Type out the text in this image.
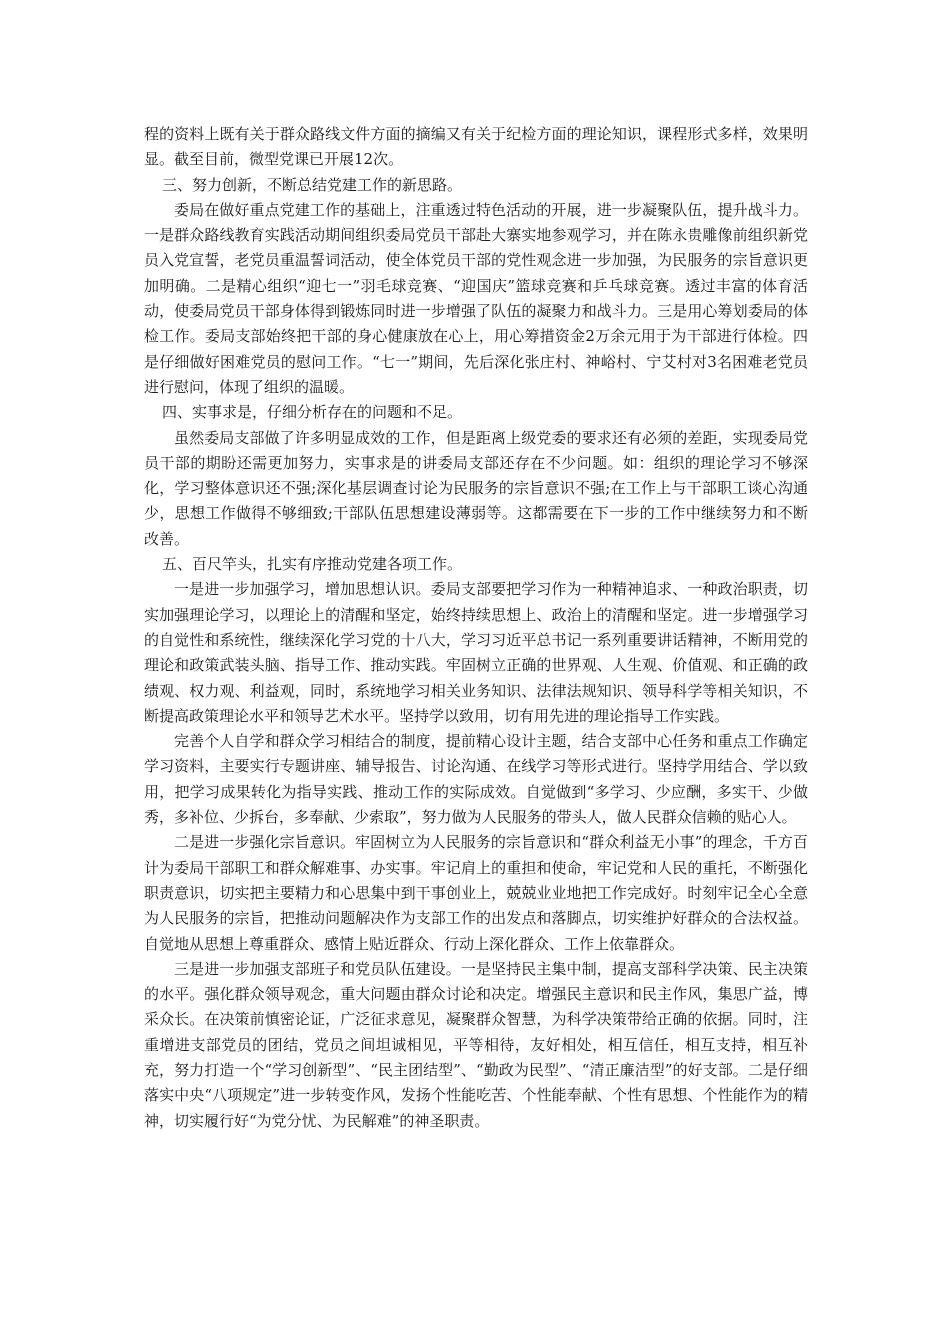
程的资料上既有关于群众路线文件方面的摘编又有关于纪检方面的理论知识，课程形式多样，效果明显。截至目前，微型党课已开展12次。

三、努力创新，不断总结党建工作的新思路。

委局在做好重点党建工作的基础上，注重透过特色活动的开展，进一步凝聚队伍，提升战斗力。一是群众路线教育实践活动期间组织委局党员干部赴大寨实地参观学习，并在陈永贵雕像前组织新党员入党宣誓，老党员重温誓词活动，使全体党员干部的党性观念进一步加强，为民服务的宗旨意识更加明确。二是精心组织“迎七一”羽毛球竞赛、“迎国庆”篮球竞赛和乒乓球竞赛。透过丰富的体育活动，使委局党员干部身体得到锻炼同时进一步增强了队伍的凝聚力和战斗力。三是用心筹划委局的体检工作。委局支部始终把干部的身心健康放在心上，用心筹措资金2万余元用于为干部进行体检。四是仔细做好困难党员的慰问工作。“七一”期间，先后深化张庄村、神峪村、宁艾村对3名困难老党员进行慰问，体现了组织的温暖。

四、实事求是，仔细分析存在的问题和不足。

虽然委局支部做了许多明显成效的工作，但是距离上级党委的要求还有必须的差距，实现委局党员干部的期盼还需更加努力，实事求是的讲委局支部还存在不少问题。如：组织的理论学习不够深化，学习整体意识还不强;深化基层调查讨论为民服务的宗旨意识不强;在工作上与干部职工谈心沟通少，思想工作做得不够细致;干部队伍思想建设薄弱等。这都需要在下一步的工作中继续努力和不断改善。

五、百尺竿头，扎实有序推动党建各项工作。

一是进一步加强学习，增加思想认识。委局支部要把学习作为一种精神追求、一种政治职责，切实加强理论学习，以理论上的清醒和坚定，始终持续思想上、政治上的清醒和坚定。进一步增强学习的自觉性和系统性，继续深化学习党的十八大，学习习近平总书记一系列重要讲话精神，不断用党的理论和政策武装头脑、指导工作、推动实践。牢固树立正确的世界观、人生观、价值观、和正确的政绩观、权力观、利益观，同时，系统地学习相关业务知识、法律法规知识、领导科学等相关知识，不断提高政策理论水平和领导艺术水平。坚持学以致用，切有用先进的理论指导工作实践。

完善个人自学和群众学习相结合的制度，提前精心设计主题，结合支部中心任务和重点工作确定学习资料，主要实行专题讲座、辅导报告、讨论沟通、在线学习等形式进行。坚持学用结合、学以致用，把学习成果转化为指导实践、推动工作的实际成效。自觉做到“多学习、少应酬，多实干、少做秀，多补位、少拆台，多奉献、少索取”，努力做为人民服务的带头人，做人民群众信赖的贴心人。

二是进一步强化宗旨意识。牢固树立为人民服务的宗旨意识和“群众利益无小事”的理念，千方百计为委局干部职工和群众解难事、办实事。牢记肩上的重担和使命，牢记党和人民的重托，不断强化职责意识，切实把主要精力和心思集中到干事创业上，兢兢业业地把工作完成好。时刻牢记全心全意为人民服务的宗旨，把推动问题解决作为支部工作的出发点和落脚点，切实维护好群众的合法权益。自觉地从思想上尊重群众、感情上贴近群众、行动上深化群众、工作上依靠群众。

三是进一步加强支部班子和党员队伍建设。一是坚持民主集中制，提高支部科学决策、民主决策的水平。强化群众领导观念，重大问题由群众讨论和决定。增强民主意识和民主作风，集思广益，博采众长。在决策前慎密论证，广泛征求意见，凝聚群众智慧，为科学决策带给正确的依据。同时，注重增进支部党员的团结，党员之间坦诚相见，平等相待，友好相处，相互信任，相互支持，相互补充，努力打造一个“学习创新型”、“民主团结型”、“勤政为民型”、“清正廉洁型”的好支部。二是仔细落实中央“八项规定”进一步转变作风，发扬个性能吃苦、个性能奉献、个性有思想、个性能作为的精神，切实履行好“为党分忧、为民解难”的神圣职责。
